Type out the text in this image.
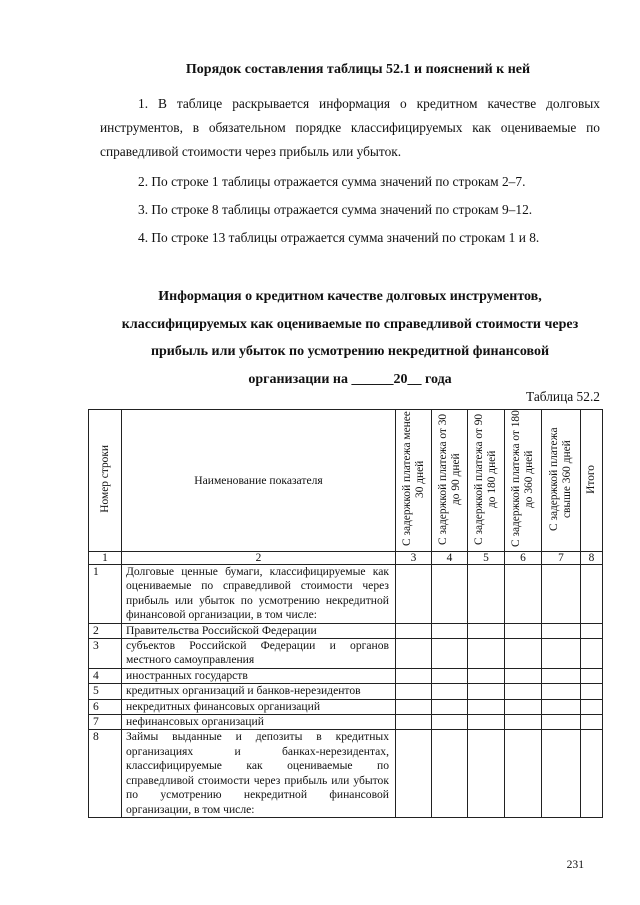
Порядок составления таблицы 52.1 и пояснений к ней
1. В таблице раскрывается информация о кредитном качестве долговых инструментов, в обязательном порядке классифицируемых как оцениваемые по справедливой стоимости через прибыль или убыток.
2. По строке 1 таблицы отражается сумма значений по строкам 2–7.
3. По строке 8 таблицы отражается сумма значений по строкам 9–12.
4. По строке 13 таблицы отражается сумма значений по строкам 1 и 8.
Информация о кредитном качестве долговых инструментов,
классифицируемых как оцениваемые по справедливой стоимости через
прибыль или убыток по усмотрению некредитной финансовой
организации на ______20__ года
Таблица 52.2
Номер строки	Наименование показателя	С задержкой платежа менее 30 дней	С задержкой платежа от 30 до 90 дней	С задержкой платежа от 90 до 180 дней	С задержкой платежа от 180 до 360 дней	С задержкой платежа свыше 360 дней	Итого
1	2	3	4	5	6	7	8
1	Долговые ценные бумаги, классифицируемые как оцениваемые по справедливой стоимости через прибыль или убыток по усмотрению некредитной финансовой организации, в том числе:						
2	Правительства Российской Федерации						
3	субъектов Российской Федерации и органов местного самоуправления						
4	иностранных государств						
5	кредитных организаций и банков-нерезидентов						
6	некредитных финансовых организаций						
7	нефинансовых организаций						
8	Займы выданные и депозиты в кредитных организациях и банках-нерезидентах, классифицируемые как оцениваемые по справедливой стоимости через прибыль или убыток по усмотрению некредитной финансовой организации, в том числе:						
231
